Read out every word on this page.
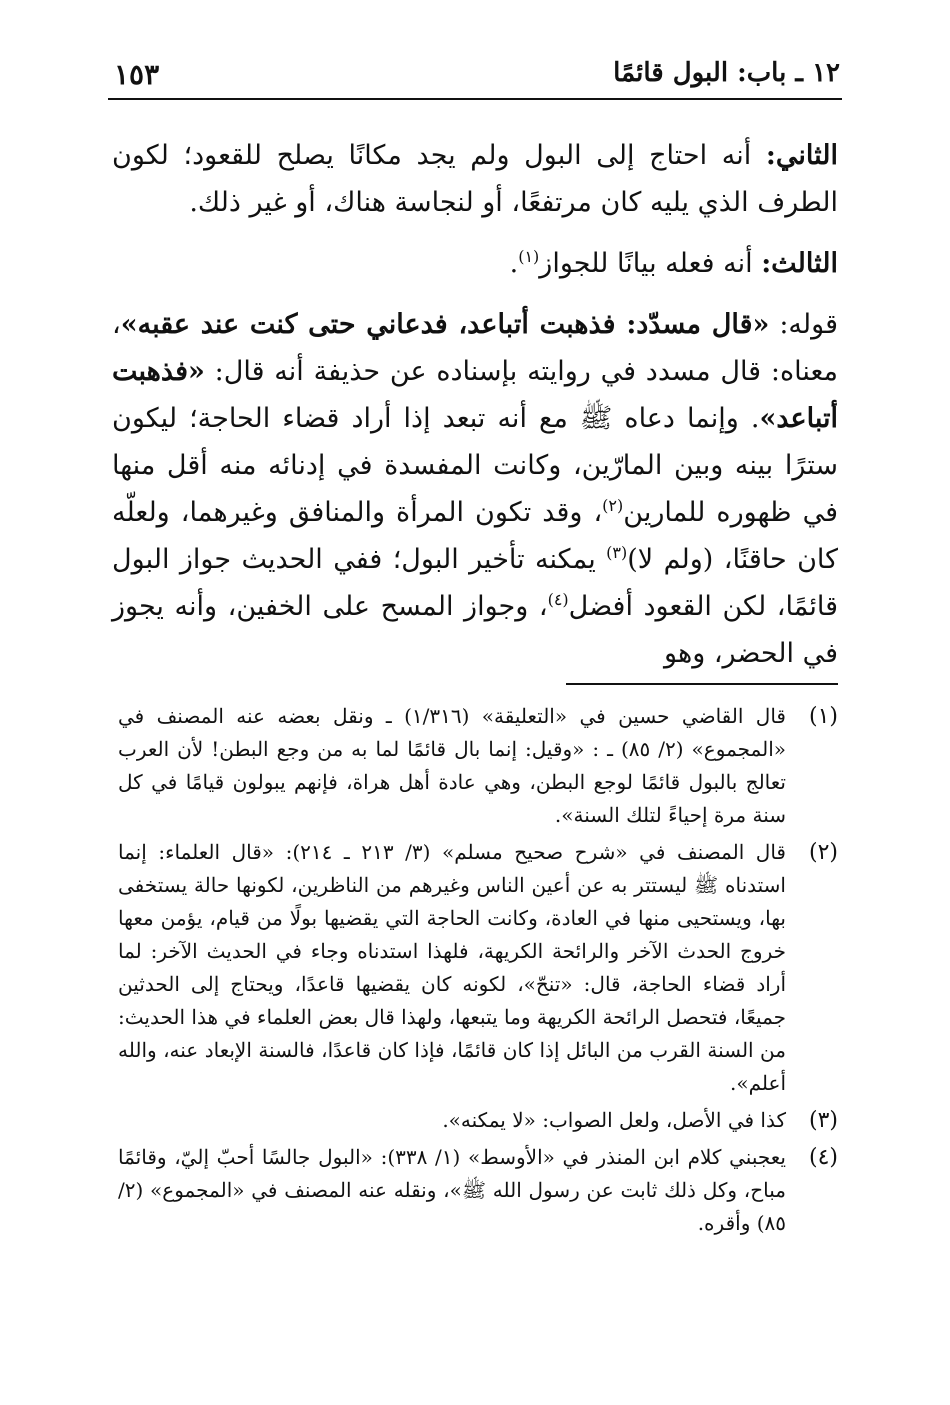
١٢ ـ باب: البول قائمًا
١٥٣

الثاني: أنه احتاج إلى البول ولم يجد مكانًا يصلح للقعود؛ لكون الطرف الذي يليه كان مرتفعًا، أو لنجاسة هناك، أو غير ذلك.

الثالث: أنه فعله بيانًا للجواز$^{(١)}$.

قوله: «قال مسدّد: فذهبت أتباعد، فدعاني حتى كنت عند عقبه»، معناه: قال مسدد في روايته بإسناده عن حذيفة أنه قال: «فذهبت أتباعد». وإنما دعاه ﷺ مع أنه تبعد إذا أراد قضاء الحاجة؛ ليكون سترًا بينه وبين المارّين، وكانت المفسدة في إدنائه منه أقل منها في ظهوره للمارين$^{(٢)}$، وقد تكون المرأة والمنافق وغيرهما، ولعلّه كان حاقنًا، (ولم لا)$^{(٣)}$ يمكنه تأخير البول؛ ففي الحديث جواز البول قائمًا، لكن القعود أفضل$^{(٤)}$، وجواز المسح على الخفين، وأنه يجوز في الحضر، وهو

(١)
قال القاضي حسين في «التعليقة» (١/٣١٦) ـ ونقل بعضه عنه المصنف في «المجموع» (٢/ ٨٥) ـ : «وقيل: إنما بال قائمًا لما به من وجع البطن! لأن العرب تعالج بالبول قائمًا لوجع البطن، وهي عادة أهل هراة، فإنهم يبولون قيامًا في كل سنة مرة إحياءً لتلك السنة».
(٢)
قال المصنف في «شرح صحيح مسلم» (٣/ ٢١٣ ـ ٢١٤): «قال العلماء: إنما استدناه ﷺ ليستتر به عن أعين الناس وغيرهم من الناظرين، لكونها حالة يستخفى بها، ويستحيى منها في العادة، وكانت الحاجة التي يقضيها بولًا من قيام، يؤمن معها خروج الحدث الآخر والرائحة الكريهة، فلهذا استدناه وجاء في الحديث الآخر: لما أراد قضاء الحاجة، قال: «تنحّ»، لكونه كان يقضيها قاعدًا، ويحتاج إلى الحدثين جميعًا، فتحصل الرائحة الكريهة وما يتبعها، ولهذا قال بعض العلماء في هذا الحديث: من السنة القرب من البائل إذا كان قائمًا، فإذا كان قاعدًا، فالسنة الإبعاد عنه، والله أعلم».
(٣)
كذا في الأصل، ولعل الصواب: «لا يمكنه».
(٤)
يعجبني كلام ابن المنذر في «الأوسط» (١/ ٣٣٨): «البول جالسًا أحبّ إليّ، وقائمًا مباح، وكل ذلك ثابت عن رسول الله ﷺ»، ونقله عنه المصنف في «المجموع» (٢/ ٨٥) وأقره.
